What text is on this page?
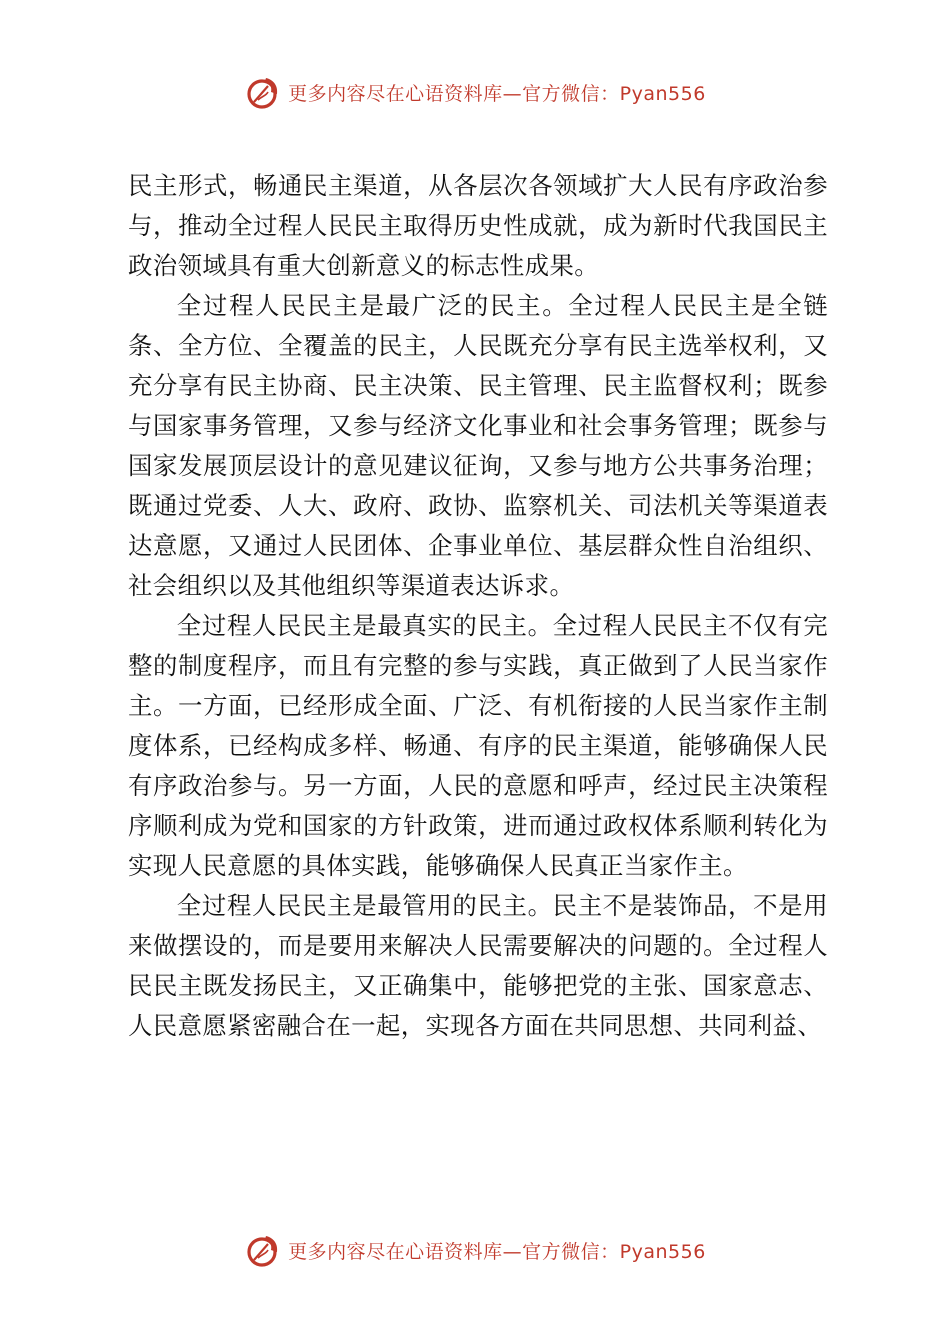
更多内容尽在心语资料库—官方微信：Pyan556

民主形式，畅通民主渠道，从各层次各领域扩大人民有序政治参与，推动全过程人民民主取得历史性成就，成为新时代我国民主政治领域具有重大创新意义的标志性成果。

全过程人民民主是最广泛的民主。全过程人民民主是全链条、全方位、全覆盖的民主，人民既充分享有民主选举权利，又充分享有民主协商、民主决策、民主管理、民主监督权利；既参与国家事务管理，又参与经济文化事业和社会事务管理；既参与国家发展顶层设计的意见建议征询，又参与地方公共事务治理； 既通过党委、人大、政府、政协、监察机关、司法机关等渠道表达意愿，又通过人民团体、企事业单位、基层群众性自治组织、社会组织以及其他组织等渠道表达诉求。

全过程人民民主是最真实的民主。全过程人民民主不仅有完整的制度程序，而且有完整的参与实践，真正做到了人民当家作主。一方面，已经形成全面、广泛、有机衔接的人民当家作主制度体系，已经构成多样、畅通、有序的民主渠道，能够确保人民有序政治参与。另一方面，人民的意愿和呼声，经过民主决策程序顺利成为党和国家的方针政策，进而通过政权体系顺利转化为实现人民意愿的具体实践，能够确保人民真正当家作主。

全过程人民民主是最管用的民主。民主不是装饰品，不是用来做摆设的，而是要用来解决人民需要解决的问题的。全过程人民民主既发扬民主，又正确集中，能够把党的主张、国家意志、人民意愿紧密融合在一起，实现各方面在共同思想、共同利益、

更多内容尽在心语资料库—官方微信：Pyan556
